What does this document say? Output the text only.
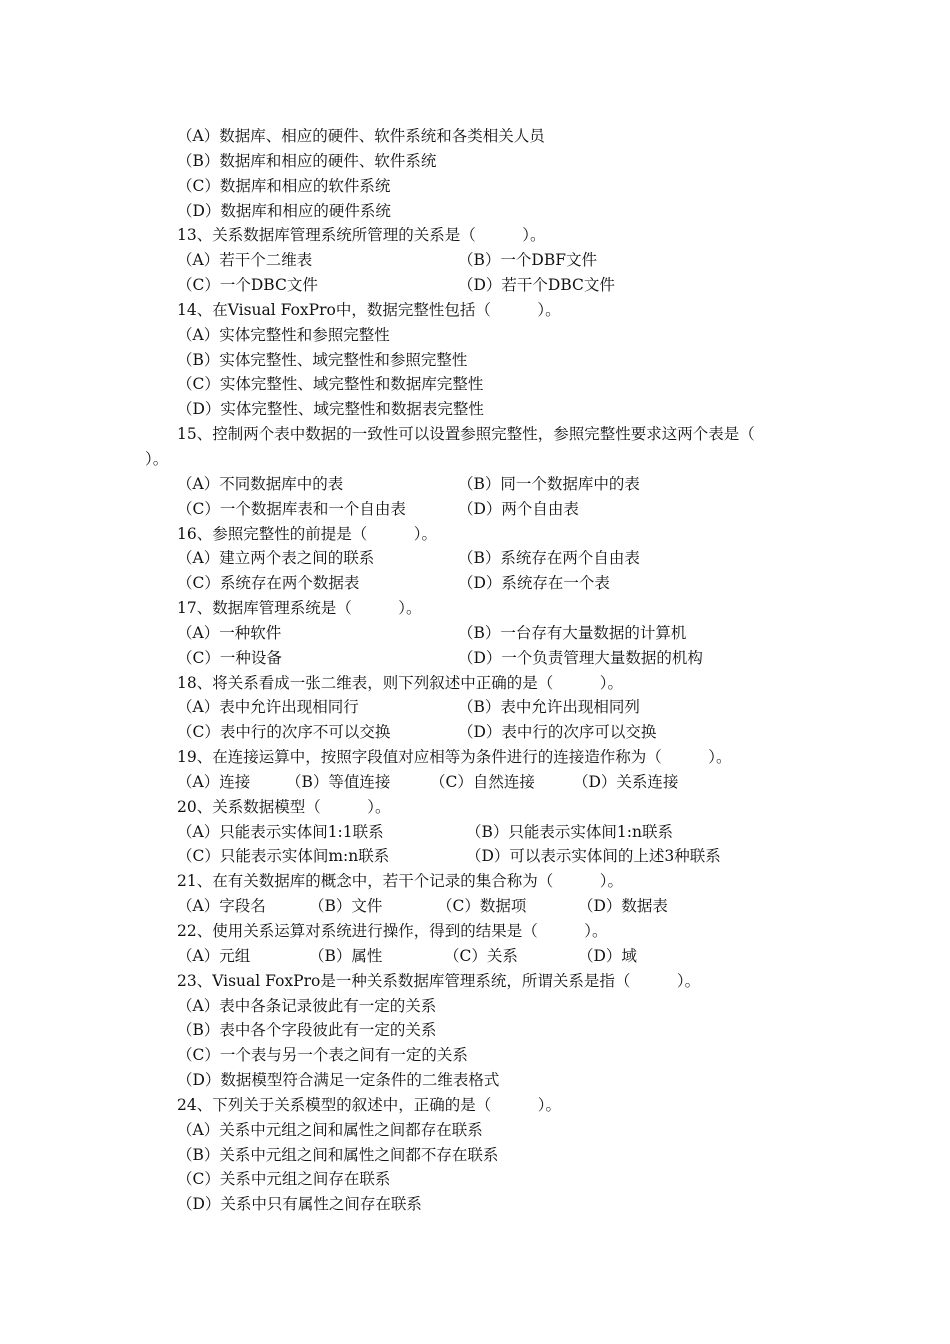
（A）数据库、相应的硬件、软件系统和各类相关人员
（B）数据库和相应的硬件、软件系统
（C）数据库和相应的软件系统
（D）数据库和相应的硬件系统
13、关系数据库管理系统所管理的关系是（　　　）。
（A）若干个二维表	（B）一个DBF文件
（C）一个DBC文件	（D）若干个DBC文件
14、在Visual FoxPro中，数据完整性包括（　　　）。
（A）实体完整性和参照完整性
（B）实体完整性、域完整性和参照完整性
（C）实体完整性、域完整性和数据库完整性
（D）实体完整性、域完整性和数据表完整性
15、控制两个表中数据的一致性可以设置参照完整性，参照完整性要求这两个表是（
）。
（A）不同数据库中的表	（B）同一个数据库中的表
（C）一个数据库表和一个自由表	（D）两个自由表
16、参照完整性的前提是（　　　）。
（A）建立两个表之间的联系	（B）系统存在两个自由表
（C）系统存在两个数据表	（D）系统存在一个表
17、数据库管理系统是（　　　）。
（A）一种软件	（B）一台存有大量数据的计算机
（C）一种设备	（D）一个负责管理大量数据的机构
18、将关系看成一张二维表，则下列叙述中正确的是（　　　）。
（A）表中允许出现相同行	（B）表中允许出现相同列
（C）表中行的次序不可以交换	（D）表中行的次序可以交换
19、在连接运算中，按照字段值对应相等为条件进行的连接造作称为（　　　）。
（A）连接 （B）等值连接	（C）自然连接 （D）关系连接
20、关系数据模型（　　　）。
（A）只能表示实体间1:1联系	（B）只能表示实体间1:n联系
（C）只能表示实体间m:n联系	（D）可以表示实体间的上述3种联系
21、在有关数据库的概念中，若干个记录的集合称为（　　　）。
（A）字段名	（B）文件	（C）数据项	（D）数据表
22、使用关系运算对系统进行操作，得到的结果是（　　　）。
（A）元组	（B）属性	（C）关系	（D）域
23、Visual FoxPro是一种关系数据库管理系统，所谓关系是指（　　　）。
（A）表中各条记录彼此有一定的关系
（B）表中各个字段彼此有一定的关系
（C）一个表与另一个表之间有一定的关系
（D）数据模型符合满足一定条件的二维表格式
24、下列关于关系模型的叙述中，正确的是（　　　）。
（A）关系中元组之间和属性之间都存在联系
（B）关系中元组之间和属性之间都不存在联系
（C）关系中元组之间存在联系
（D）关系中只有属性之间存在联系
